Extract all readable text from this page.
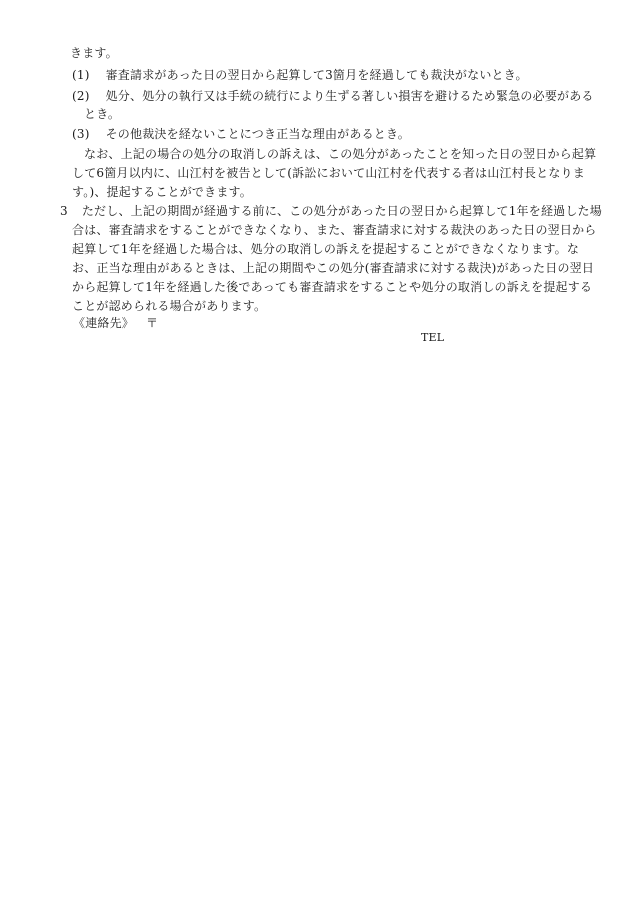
きます。
(1) 審査請求があった日の翌日から起算して3箇月を経過しても裁決がないとき。
(2) 処分、処分の執行又は手続の続行により生ずる著しい損害を避けるため緊急の必要がある
とき。
(3) その他裁決を経ないことにつき正当な理由があるとき。
なお、上記の場合の処分の取消しの訴えは、この処分があったことを知った日の翌日から起算
して6箇月以内に、山江村を被告として(訴訟において山江村を代表する者は山江村長となりま
す。)、提起することができます。
3 ただし、上記の期間が経過する前に、この処分があった日の翌日から起算して1年を経過した場
合は、審査請求をすることができなくなり、また、審査請求に対する裁決のあった日の翌日から
起算して1年を経過した場合は、処分の取消しの訴えを提起することができなくなります。な
お、正当な理由があるときは、上記の期間やこの処分(審査請求に対する裁決)があった日の翌日
から起算して1年を経過した後であっても審査請求をすることや処分の取消しの訴えを提起する
ことが認められる場合があります。
《連絡先》 〒
TEL
